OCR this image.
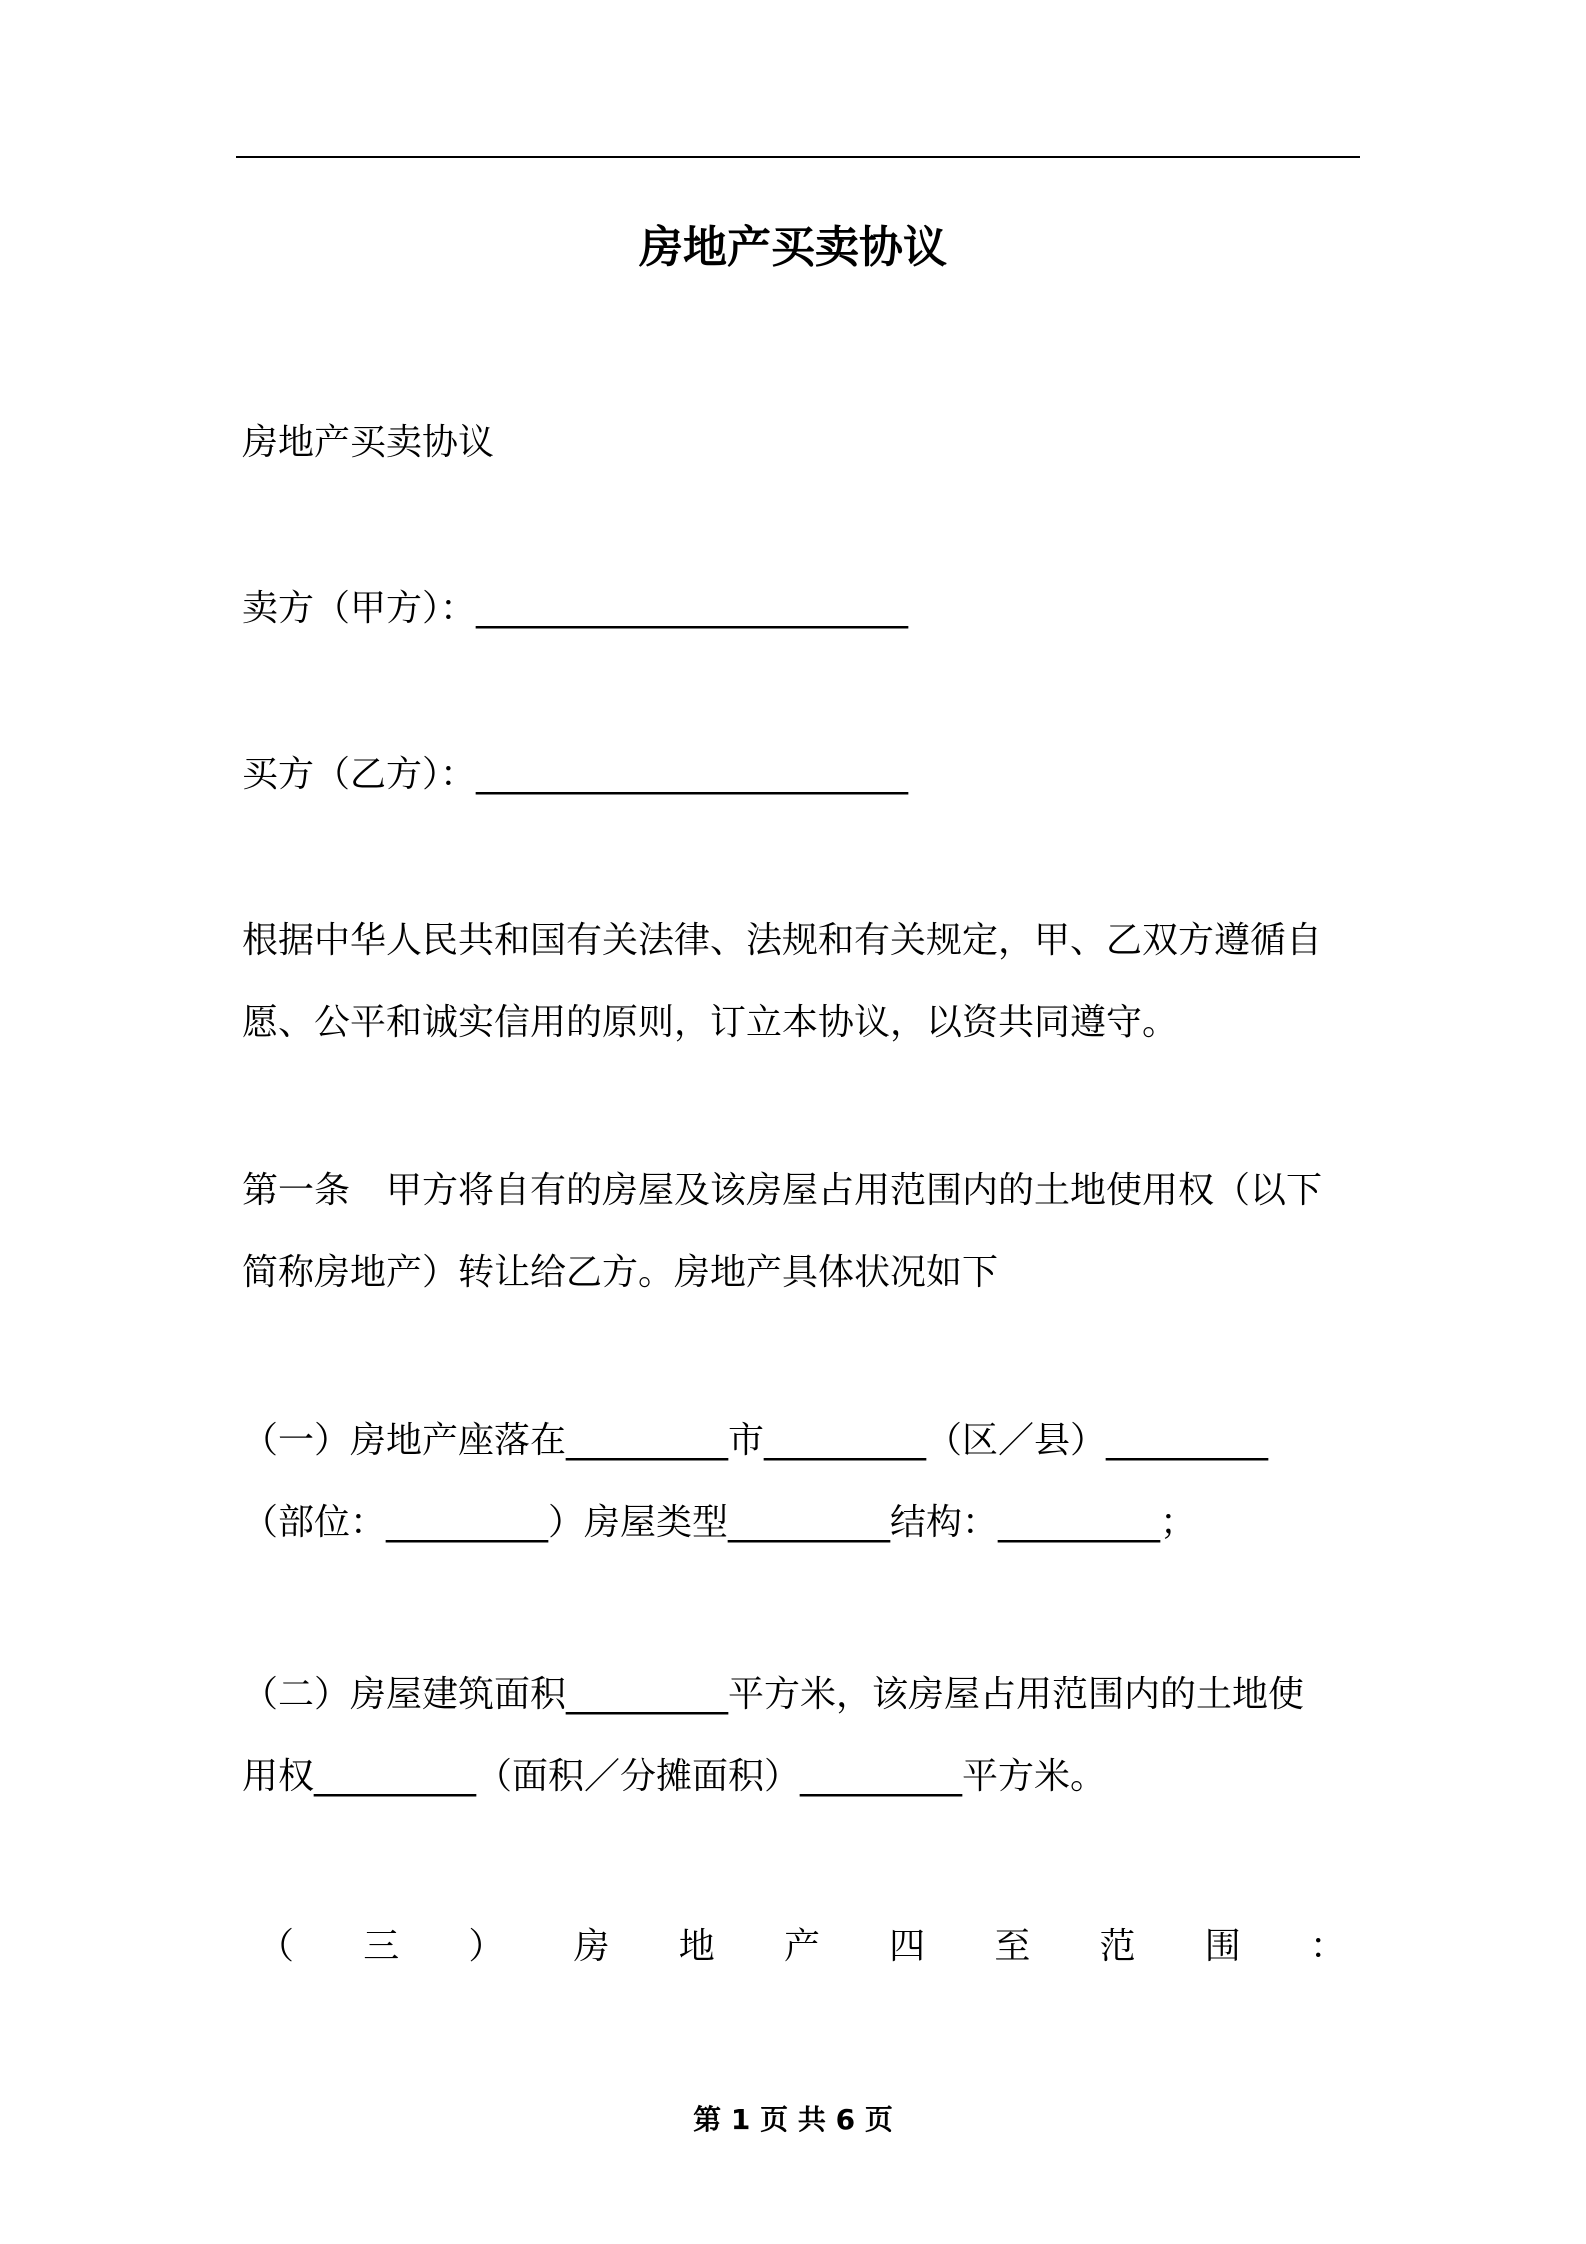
房地产买卖协议
房地产买卖协议
卖方（甲方）：________________________
买方（乙方）：________________________
根据中华人民共和国有关法律、法规和有关规定，甲、乙双方遵循自
愿、公平和诚实信用的原则，订立本协议，以资共同遵守。
第一条　甲方将自有的房屋及该房屋占用范围内的土地使用权（以下
简称房地产）转让给乙方。房地产具体状况如下
（一）房地产座落在_________市_________（区／县）_________
（部位：_________）房屋类型_________结构：_________；
（二）房屋建筑面积_________平方米，该房屋占用范围内的土地使
用权_________（面积／分摊面积）_________平方米。
（ 三 ） 房 地 产 四 至 范 围 ：
第 1 页 共 6 页
